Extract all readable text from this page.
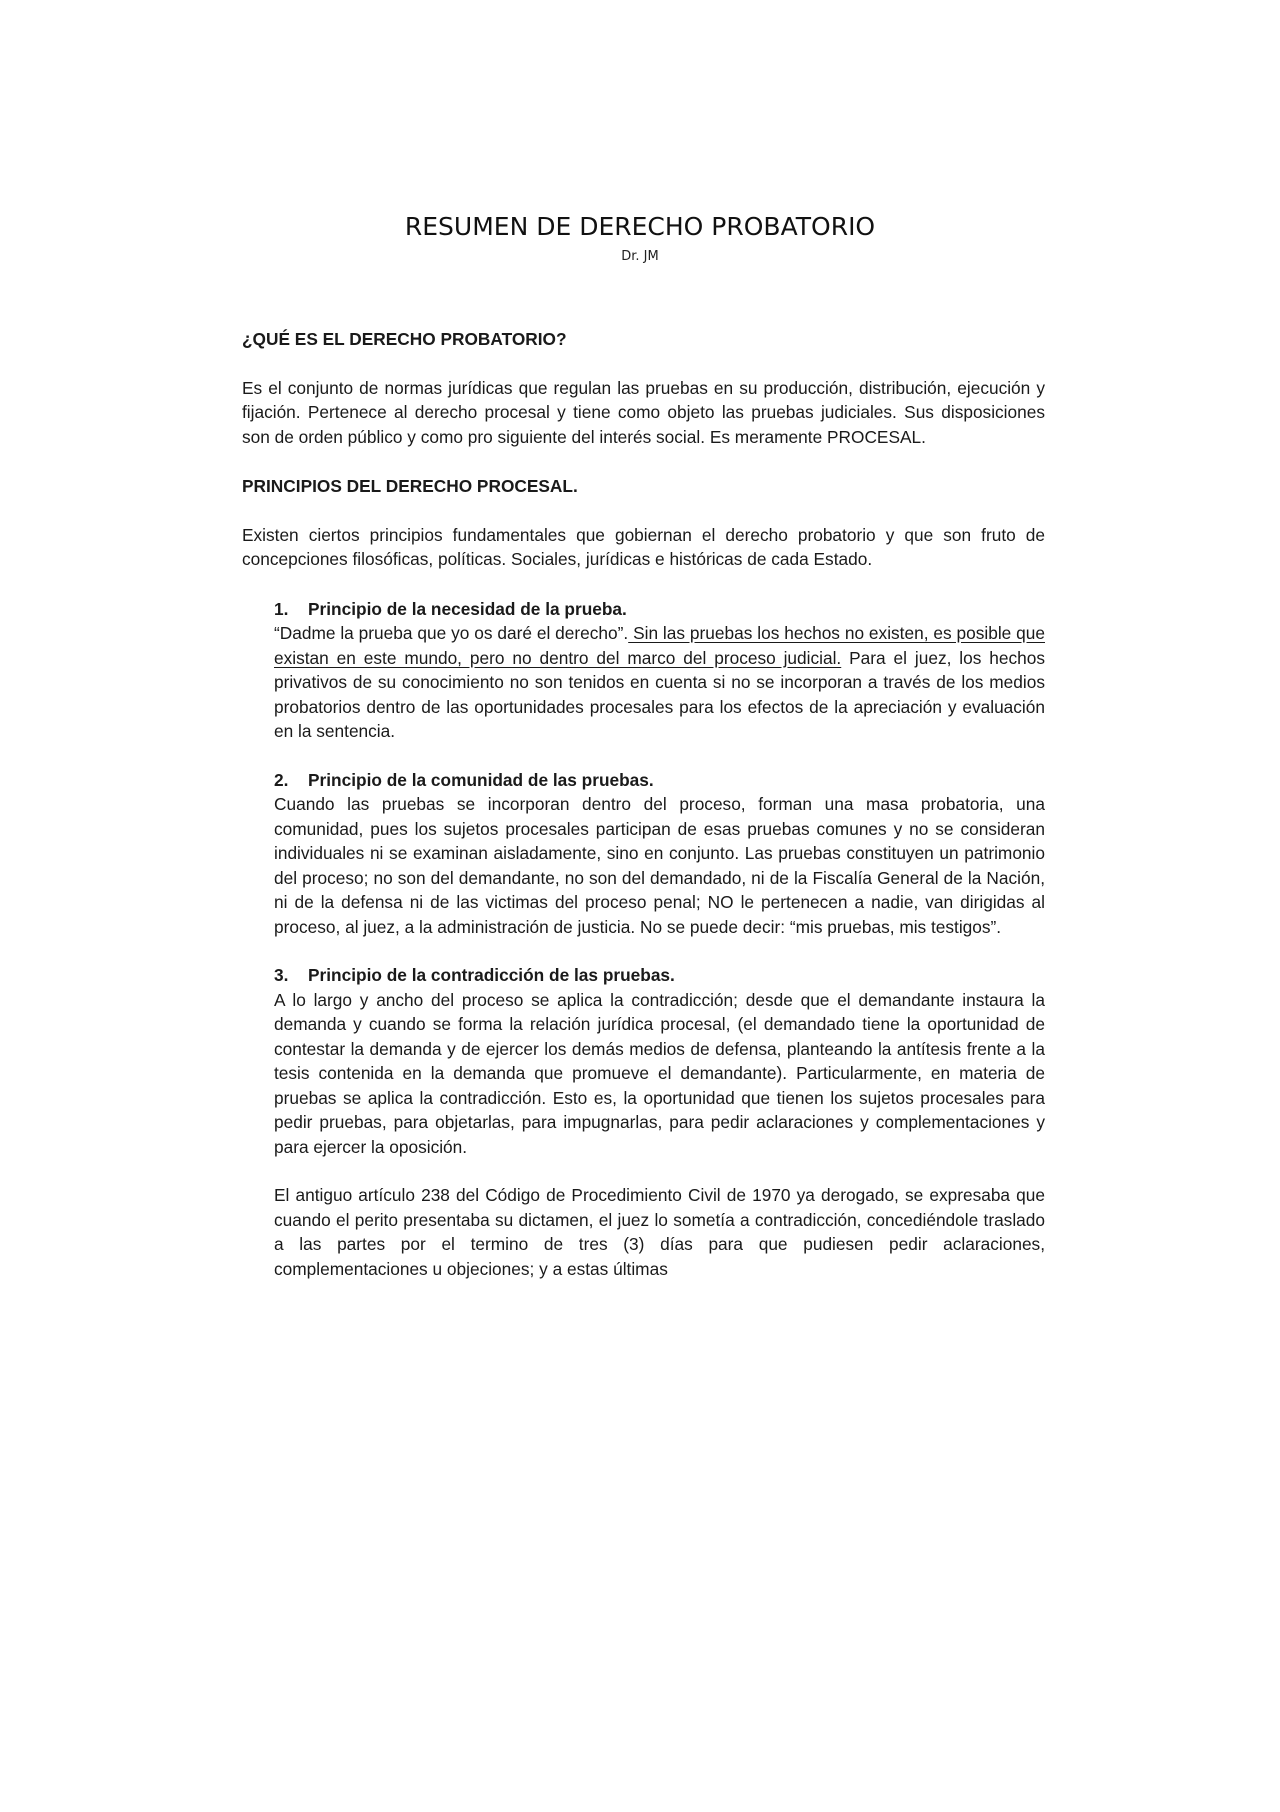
RESUMEN DE DERECHO PROBATORIO
Dr. JM
¿QUÉ ES EL DERECHO PROBATORIO?

Es el conjunto de normas jurídicas que regulan las pruebas en su producción, distribución, ejecución y fijación. Pertenece al derecho procesal y tiene como objeto las pruebas judiciales. Sus disposiciones son de orden público y como pro siguiente del interés social. Es meramente PROCESAL.

PRINCIPIOS DEL DERECHO PROCESAL.

Existen ciertos principios fundamentales que gobiernan el derecho probatorio y que son fruto de concepciones filosóficas, políticas. Sociales, jurídicas e históricas de cada Estado.

1. Principio de la necesidad de la prueba.

“Dadme la prueba que yo os daré el derecho”. Sin las pruebas los hechos no existen, es posible que existan en este mundo, pero no dentro del marco del proceso judicial. Para el juez, los hechos privativos de su conocimiento no son tenidos en cuenta si no se incorporan a través de los medios probatorios dentro de las oportunidades procesales para los efectos de la apreciación y evaluación en la sentencia.

2. Principio de la comunidad de las pruebas.

Cuando las pruebas se incorporan dentro del proceso, forman una masa probatoria, una comunidad, pues los sujetos procesales participan de esas pruebas comunes y no se consideran individuales ni se examinan aisladamente, sino en conjunto. Las pruebas constituyen un patrimonio del proceso; no son del demandante, no son del demandado, ni de la Fiscalía General de la Nación, ni de la defensa ni de las victimas del proceso penal; NO le pertenecen a nadie, van dirigidas al proceso, al juez, a la administración de justicia. No se puede decir: “mis pruebas, mis testigos”.

3. Principio de la contradicción de las pruebas.

A lo largo y ancho del proceso se aplica la contradicción; desde que el demandante instaura la demanda y cuando se forma la relación jurídica procesal, (el demandado tiene la oportunidad de contestar la demanda y de ejercer los demás medios de defensa, planteando la antítesis frente a la tesis contenida en la demanda que promueve el demandante). Particularmente, en materia de pruebas se aplica la contradicción. Esto es, la oportunidad que tienen los sujetos procesales para pedir pruebas, para objetarlas, para impugnarlas, para pedir aclaraciones y complementaciones y para ejercer la oposición.

El antiguo artículo 238 del Código de Procedimiento Civil de 1970 ya derogado, se expresaba que cuando el perito presentaba su dictamen, el juez lo sometía a contradicción, concediéndole traslado a las partes por el termino de tres (3) días para que pudiesen pedir aclaraciones, complementaciones u objeciones; y a estas últimas
